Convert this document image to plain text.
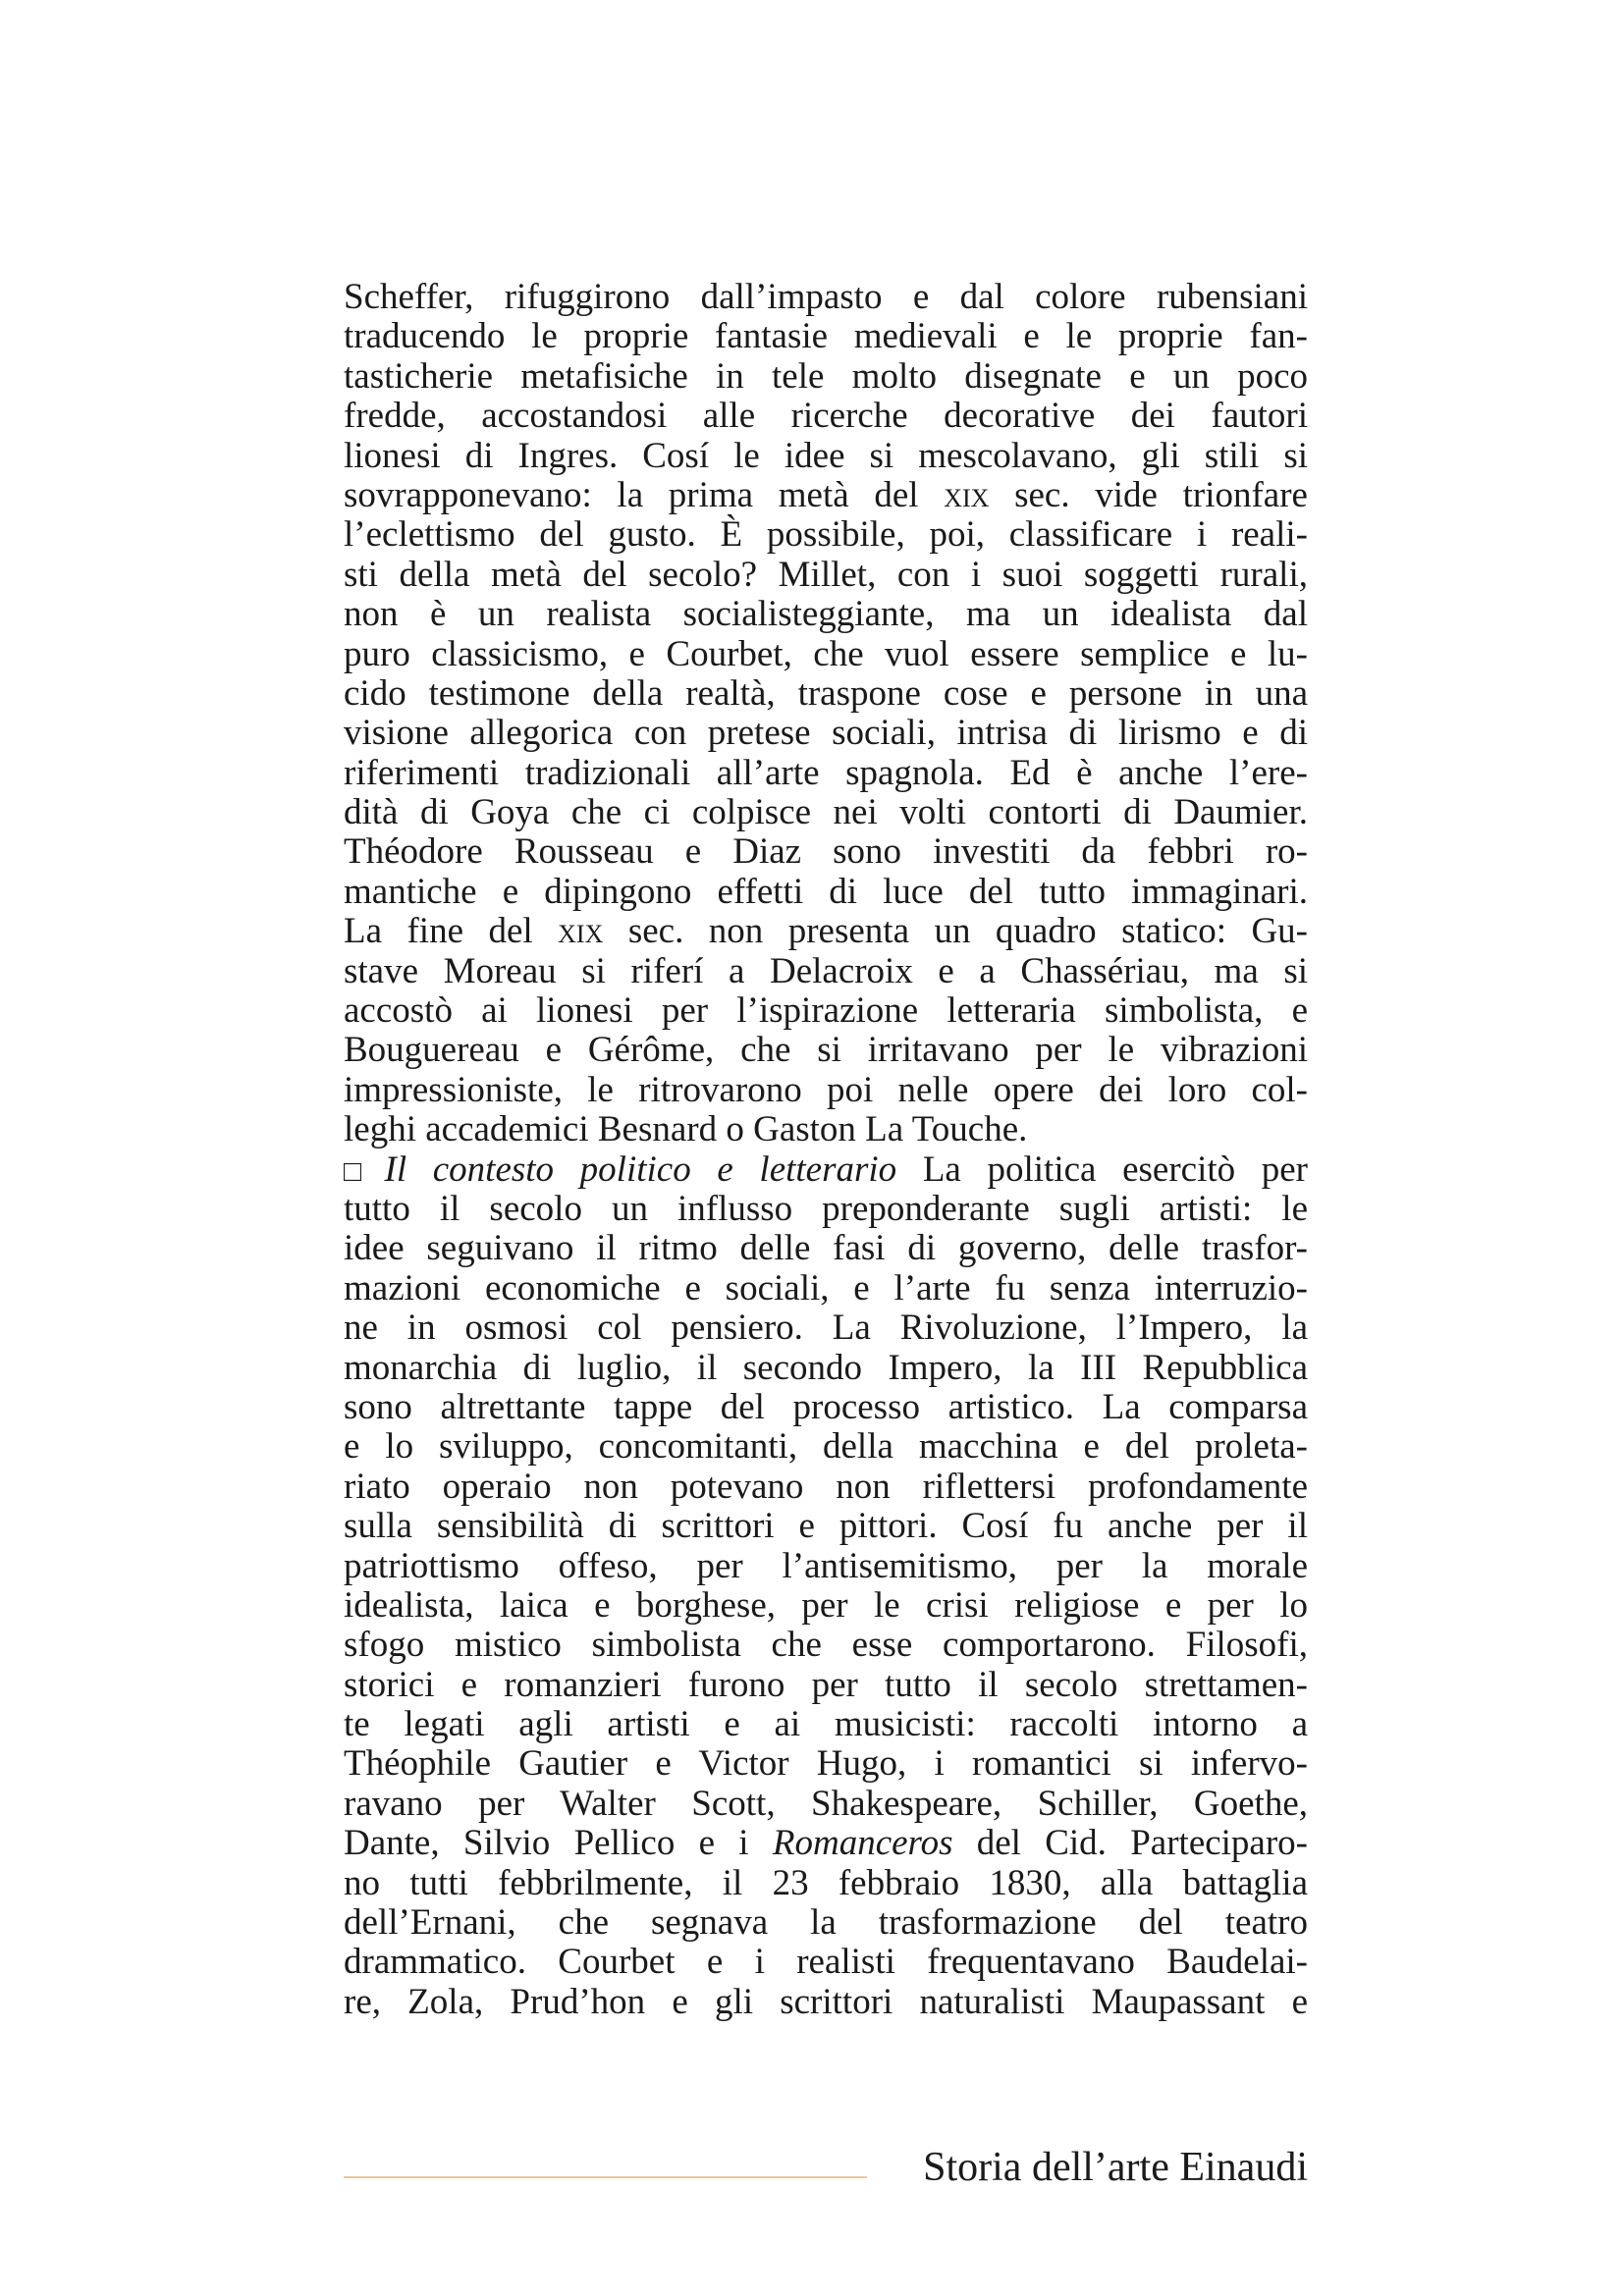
Scheffer, rifuggirono dall’impasto e dal colore rubensiani
traducendo le proprie fantasie medievali e le proprie fan-
tasticherie metafisiche in tele molto disegnate e un poco
fredde, accostandosi alle ricerche decorative dei fautori
lionesi di Ingres. Cosí le idee si mescolavano, gli stili si
sovrapponevano: la prima metà del xix sec. vide trionfare
l’eclettismo del gusto. È possibile, poi, classificare i reali-
sti della metà del secolo? Millet, con i suoi soggetti rurali,
non è un realista socialisteggiante, ma un idealista dal
puro classicismo, e Courbet, che vuol essere semplice e lu-
cido testimone della realtà, traspone cose e persone in una
visione allegorica con pretese sociali, intrisa di lirismo e di
riferimenti tradizionali all’arte spagnola. Ed è anche l’ere-
dità di Goya che ci colpisce nei volti contorti di Daumier.
Théodore Rousseau e Diaz sono investiti da febbri ro-
mantiche e dipingono effetti di luce del tutto immaginari.
La fine del xix sec. non presenta un quadro statico: Gu-
stave Moreau si riferí a Delacroix e a Chassériau, ma si
accostò ai lionesi per l’ispirazione letteraria simbolista, e
Bouguereau e Gérôme, che si irritavano per le vibrazioni
impressioniste, le ritrovarono poi nelle opere dei loro col-
leghi accademici Besnard o Gaston La Touche.
□ Il contesto politico e letterario La politica esercitò per
tutto il secolo un influsso preponderante sugli artisti: le
idee seguivano il ritmo delle fasi di governo, delle trasfor-
mazioni economiche e sociali, e l’arte fu senza interruzio-
ne in osmosi col pensiero. La Rivoluzione, l’Impero, la
monarchia di luglio, il secondo Impero, la III Repubblica
sono altrettante tappe del processo artistico. La comparsa
e lo sviluppo, concomitanti, della macchina e del proleta-
riato operaio non potevano non riflettersi profondamente
sulla sensibilità di scrittori e pittori. Cosí fu anche per il
patriottismo offeso, per l’antisemitismo, per la morale
idealista, laica e borghese, per le crisi religiose e per lo
sfogo mistico simbolista che esse comportarono. Filosofi,
storici e romanzieri furono per tutto il secolo strettamen-
te legati agli artisti e ai musicisti: raccolti intorno a
Théophile Gautier e Victor Hugo, i romantici si infervo-
ravano per Walter Scott, Shakespeare, Schiller, Goethe,
Dante, Silvio Pellico e i Romanceros del Cid. Parteciparo-
no tutti febbrilmente, il 23 febbraio 1830, alla battaglia
dell’Ernani, che segnava la trasformazione del teatro
drammatico. Courbet e i realisti frequentavano Baudelai-
re, Zola, Prud’hon e gli scrittori naturalisti Maupassant e
Storia dell’arte Einaudi
